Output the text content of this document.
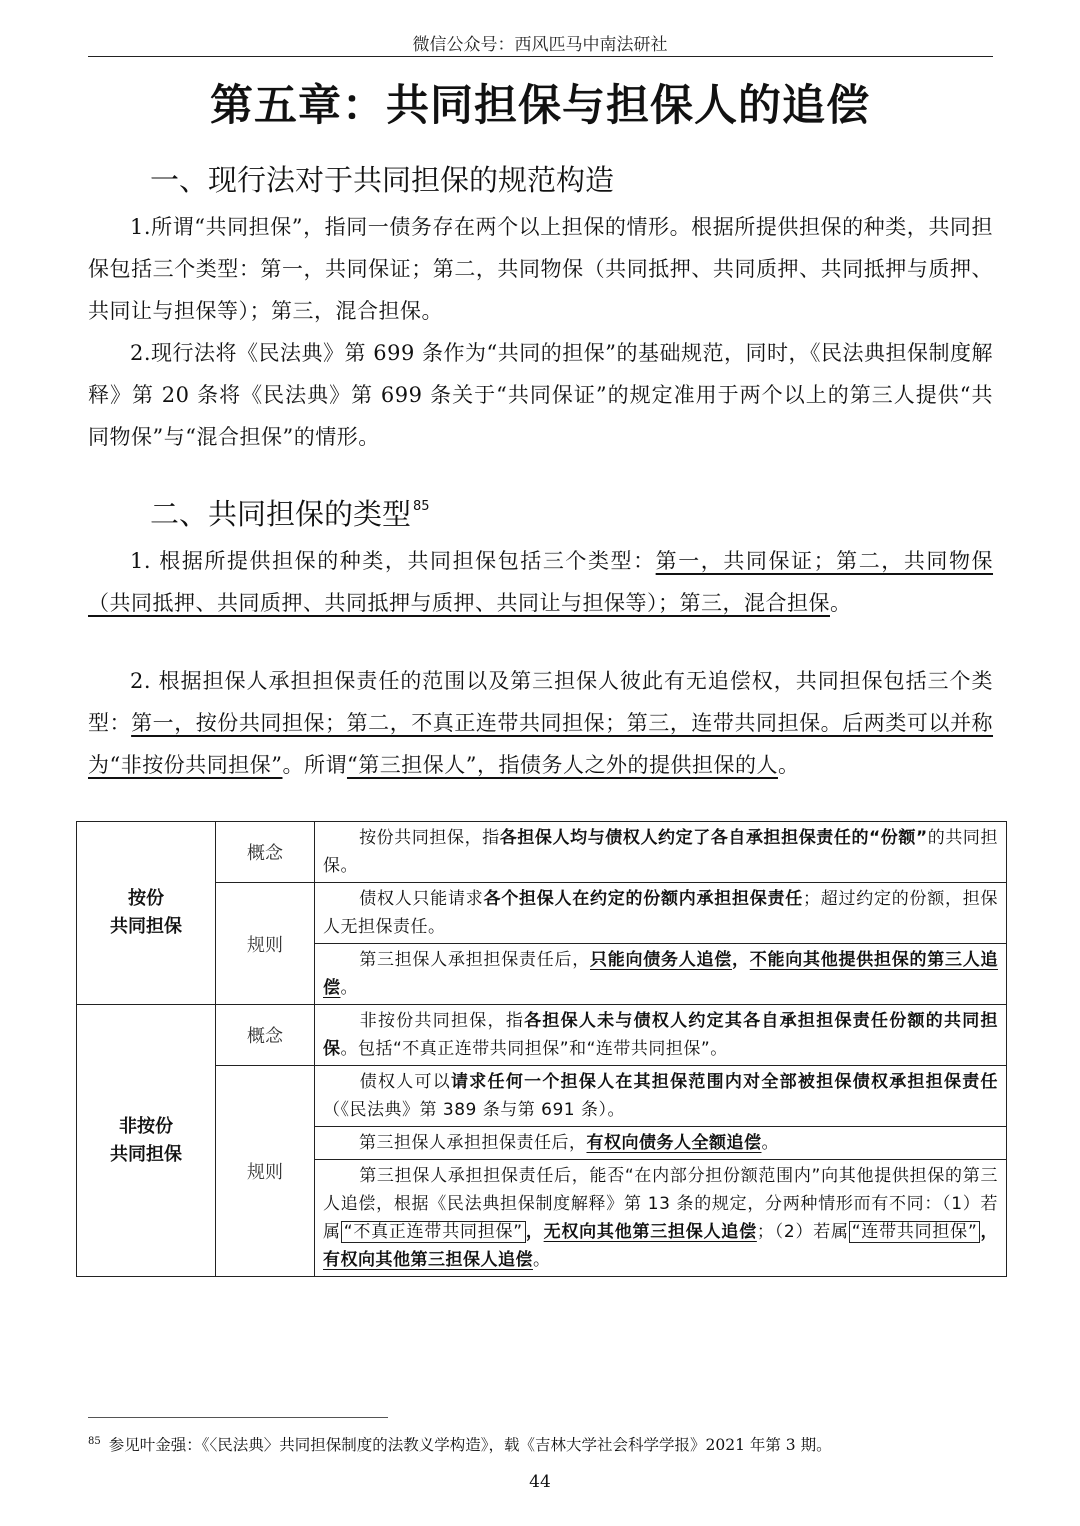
微信公众号：西风匹马中南法研社
第五章：共同担保与担保人的追偿
一、现行法对于共同担保的规范构造
1.所谓“共同担保”，指同一债务存在两个以上担保的情形。根据所提供担保的种类，共同担保包括三个类型：第一，共同保证；第二，共同物保（共同抵押、共同质押、共同抵押与质押、共同让与担保等）；第三，混合担保。
2.现行法将《民法典》第 699 条作为“共同的担保”的基础规范，同时，《民法典担保制度解释》第 20 条将《民法典》第 699 条关于“共同保证”的规定准用于两个以上的第三人提供“共同物保”与“混合担保”的情形。
二、共同担保的类型 $^{85}$
1. 根据所提供担保的种类，共同担保包括三个类型：第一，共同保证；第二，共同物保（共同抵押、共同质押、共同抵押与质押、共同让与担保等）；第三，混合担保。
2. 根据担保人承担担保责任的范围以及第三担保人彼此有无追偿权，共同担保包括三个类型：第一，按份共同担保；第二，不真正连带共同担保；第三，连带共同担保。后两类可以并称为“非按份共同担保”。所谓“第三担保人”，指债务人之外的提供担保的人。
按份
共同担保	概念	按份共同担保，指各担保人均与债权人约定了各自承担担保责任的“份额”的共同担保。
	规则	债权人只能请求各个担保人在约定的份额内承担担保责任；超过约定的份额，担保人无担保责任。
		第三担保人承担担保责任后，只能向债务人追偿，不能向其他提供担保的第三人追偿。
非按份
共同担保	概念	非按份共同担保，指各担保人未与债权人约定其各自承担担保责任份额的共同担保。包括“不真正连带共同担保”和“连带共同担保”。
	规则	债权人可以请求任何一个担保人在其担保范围内对全部被担保债权承担担保责任（《民法典》第 389 条与第 691 条）。
		第三担保人承担担保责任后，有权向债务人全额追偿。
		第三担保人承担担保责任后，能否“在内部分担份额范围内”向其他提供担保的第三人追偿，根据《民法典担保制度解释》第 13 条的规定，分两种情形而有不同：（1）若属 “不真正连带共同担保” ，无权向其他第三担保人追偿；（2）若属 “连带共同担保” ，有权向其他第三担保人追偿。
$^{85}$ 参见叶金强：《〈民法典〉共同担保制度的法教义学构造》，载《吉林大学社会科学学报》2021 年第 3 期。
44
